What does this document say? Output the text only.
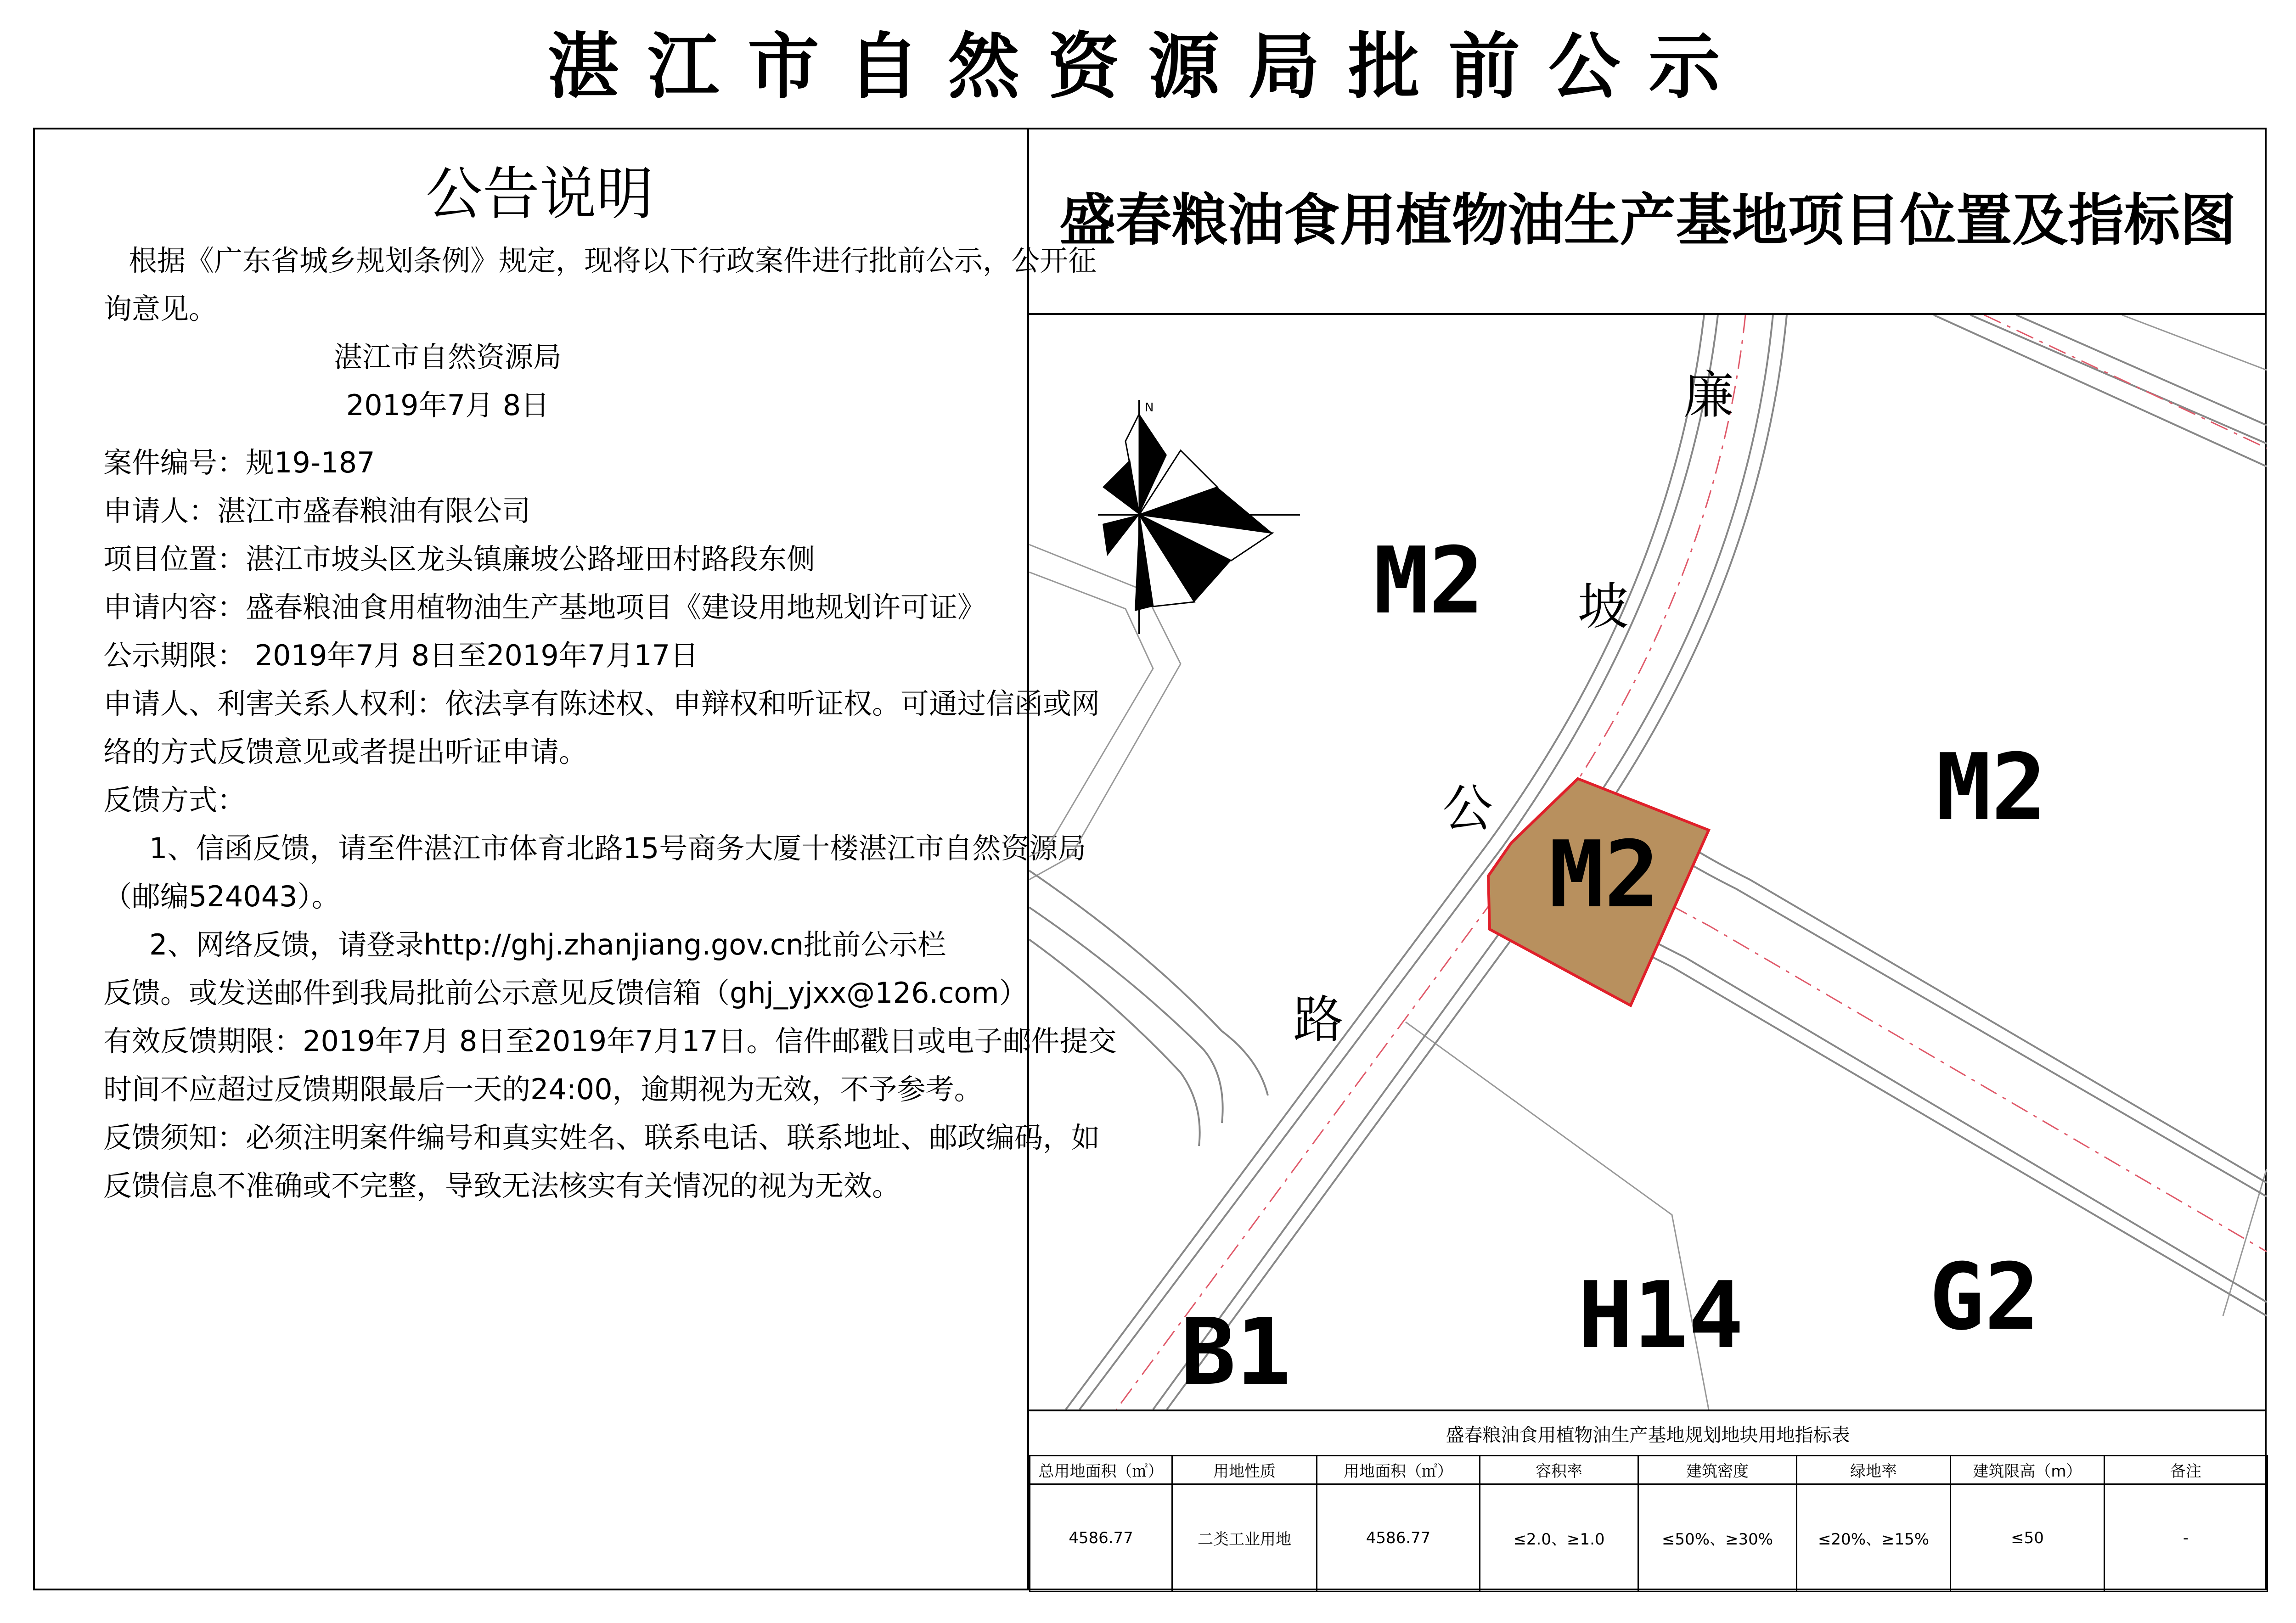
湛江市自然资源局批前公示
公告说明
根据《广东省城乡规划条例》规定，现将以下行政案件进行批前公示，公开征
询意见。
湛江市自然资源局
2019年7月 8日
案件编号：规19-187
申请人：湛江市盛春粮油有限公司
项目位置：湛江市坡头区龙头镇廉坡公路垭田村路段东侧
申请内容：盛春粮油食用植物油生产基地项目《建设用地规划许可证》
公示期限： 2019年7月 8日至2019年7月17日
申请人、利害关系人权利：依法享有陈述权、申辩权和听证权。可通过信函或网
络的方式反馈意见或者提出听证申请。
反馈方式：
1、信函反馈，请至件湛江市体育北路15号商务大厦十楼湛江市自然资源局
（邮编524043）。
2、网络反馈，请登录http://ghj.zhanjiang.gov.cn批前公示栏
反馈。或发送邮件到我局批前公示意见反馈信箱（ghj_yjxx@126.com）
有效反馈期限：2019年7月 8日至2019年7月17日。信件邮戳日或电子邮件提交
时间不应超过反馈期限最后一天的24:00，逾期视为无效，不予参考。
反馈须知：必须注明案件编号和真实姓名、联系电话、联系地址、邮政编码，如
反馈信息不准确或不完整，导致无法核实有关情况的视为无效。
盛春粮油食用植物油生产基地项目位置及指标图
N	廉
坡
公
路
M2
M2
M2
B1	H14 G2
盛春粮油食用植物油生产基地规划地块用地指标表
总用地面积（㎡）	用地性质	用地面积（㎡）	容积率	建筑密度	绿地率	建筑限高（m）	备注
4586.77	二类工业用地	4586.77	≤2.0、≥1.0	≤50%、≥30%	≤20%、≥15%	≤50	-
